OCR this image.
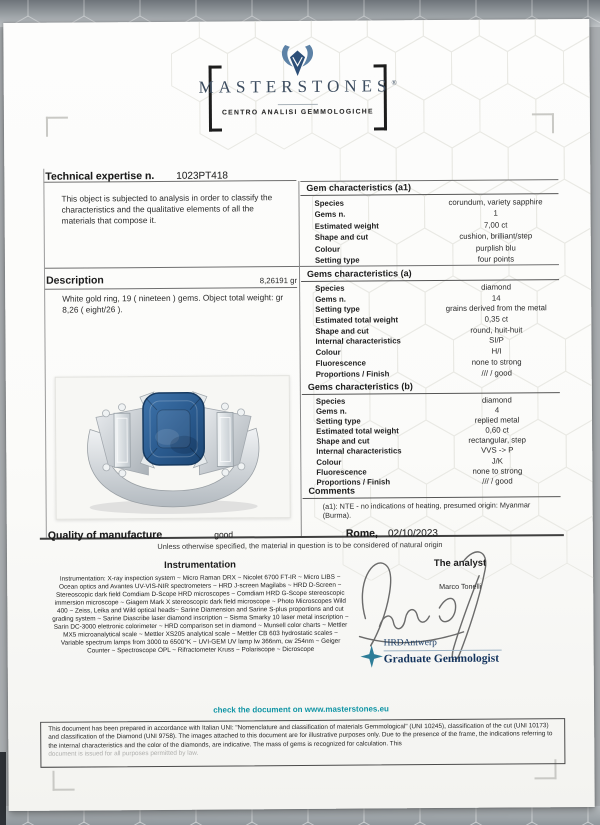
MASTERSTONES®
CENTRO ANALISI GEMMOLOGICHE
Technical expertise n. 1023PT418
This object is subjected to analysis in order to classify the characteristics and the qualitative elements of all the materials that compose it.
Description	8,26191 gr
White gold ring, 19 ( nineteen ) gems. Object total weight: gr 8,26 ( eight/26 ).
Quality of manufacture	good	Rome, 02/10/2023
Unless otherwise specified, the material in question is to be considered of natural origin
Gem characteristics (a1)
Species	corundum, variety sapphire
Gems n.	1
Estimated weight	7,00 ct
Shape and cut	cushion, brilliant/step
Colour	purplish blu
Setting type	four points
Gems characteristics (a)
Species	diamond
Gems n.	14
Setting type	grains derived from the metal
Estimated total weight	0,35 ct
Shape and cut	round, huit-huit
Internal characteristics	SI/P
Colour	H/I
Fluorescence	none to strong
Proportions / Finish	/// / good
Gems characteristics (b)
Species	diamond
Gems n.	4
Setting type	replied metal
Estimated total weight	0,60 ct
Shape and cut	rectangular, step
Internal characteristics	VVS -> P
Colour	J/K
Fluorescence	none to strong
Proportions / Finish	/// / good
Comments
(a1): NTE - no indications of heating, presumed origin: Myanmar (Burma).
Instrumentation
Instrumentation: X-ray inspection system ~ Micro Raman DRX ~ Nicolet 6700 FT-IR ~ Micro LIBS ~ Ocean optics and Avantes UV-VIS-NIR spectrometers ~ HRD J-screen Magilabs ~ HRD D-Screen ~ Stereoscopic dark field Comdiam D-Scope HRD microscopes ~ Comdiam HRD G-Scope stereoscopic immersion microscope ~ Giagem Mark X stereoscopic dark field microscope ~ Photo Microscopes Wild 400 ~ Zeiss, Leika and Wild optical heads~ Sarine Diamension and Sarine S-plus proportions and cut grading system ~ Sarine Diascribe laser diamond inscription ~ Sisma Smarky 10 laser metal inscription ~ Sarin DC-3000 elettronic colorimeter ~ HRD comparison set in diamond ~ Munsell color charts ~ Mettler MX5 microanalytical scale ~ Mettler XS205 analytical scale ~ Mettler CB 603 hydrostatic scales ~ Variable spectrum lamps from 3000 to 6500°K ~ UVI-GEM UV lamp lw 366nm, cw 254nm ~ Geiger Counter ~ Spectroscope OPL ~ Rifractometer Kruss ~ Polariscope ~ Dicroscope
The analyst
Marco Tonelli
HRDAntwerp
Graduate Gemmologist
check the document on www.masterstones.eu
This document has been prepared in accordance with Italian UNI: "Nomenclature and classification of materials Gemmological" (UNI 10245), classification of the cut (UNI 10173) and classification of the Diamond (UNI 9758). The images attached to this document are for illustrative purposes only. Due to the presence of the frame, the indications referring to the internal characteristics and the color of the diamonds, are indicative. The mass of gems is recognized for calculation. This
document is issued for all purposes permitted by law.
